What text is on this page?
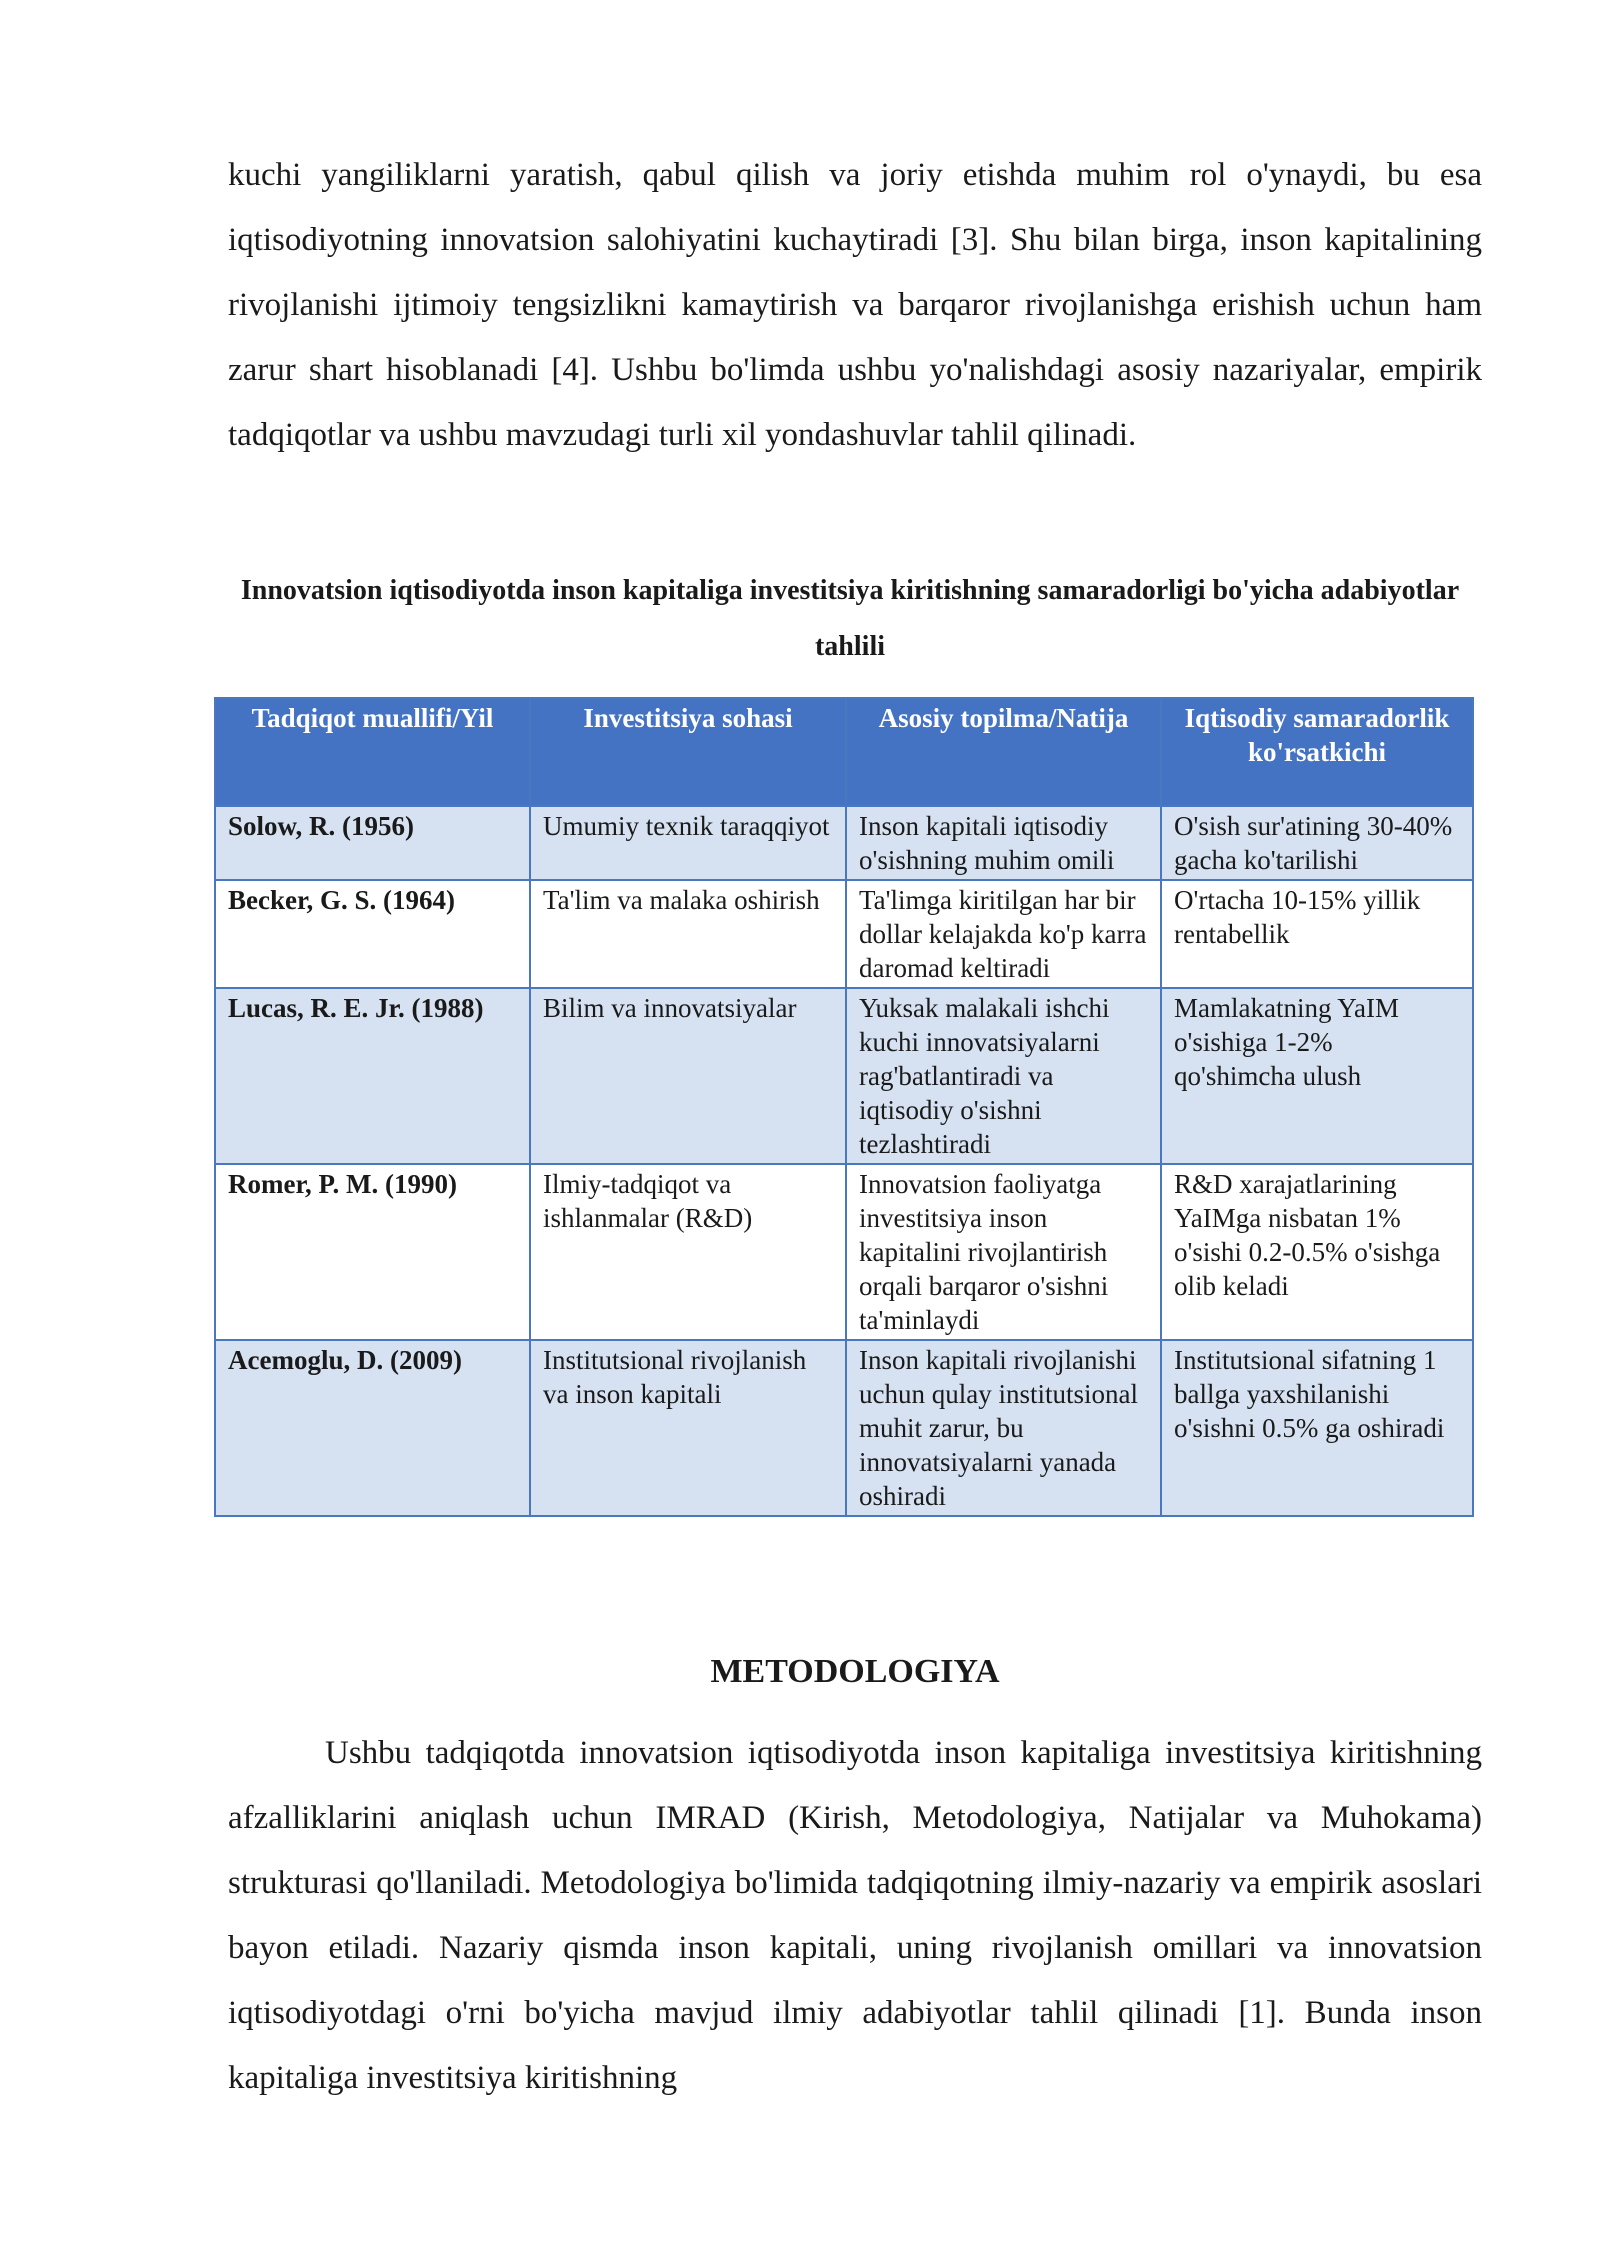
kuchi yangiliklarni yaratish, qabul qilish va joriy etishda muhim rol o'ynaydi, bu esa iqtisodiyotning innovatsion salohiyatini kuchaytiradi [3]. Shu bilan birga, inson kapitalining rivojlanishi ijtimoiy tengsizlikni kamaytirish va barqaror rivojlanishga erishish uchun ham zarur shart hisoblanadi [4]. Ushbu bo'limda ushbu yo'nalishdagi asosiy nazariyalar, empirik tadqiqotlar va ushbu mavzudagi turli xil yondashuvlar tahlil qilinadi.

Innovatsion iqtisodiyotda inson kapitaliga investitsiya kiritishning samaradorligi bo'yicha adabiyotlar tahlili
Tadqiqot muallifi/Yil	Investitsiya sohasi	Asosiy topilma/Natija	Iqtisodiy samaradorlik ko'rsatkichi
Solow, R. (1956)	Umumiy texnik taraqqiyot	Inson kapitali iqtisodiy o'sishning muhim omili	O'sish sur'atining 30-40% gacha ko'tarilishi
Becker, G. S. (1964)	Ta'lim va malaka oshirish	Ta'limga kiritilgan har bir dollar kelajakda ko'p karra daromad keltiradi	O'rtacha 10-15% yillik rentabellik
Lucas, R. E. Jr. (1988)	Bilim va innovatsiyalar	Yuksak malakali ishchi kuchi innovatsiyalarni rag'batlantiradi va iqtisodiy o'sishni tezlashtiradi	Mamlakatning YaIM o'sishiga 1-2% qo'shimcha ulush
Romer, P. M. (1990)	Ilmiy-tadqiqot va ishlanmalar (R&D)	Innovatsion faoliyatga investitsiya inson kapitalini rivojlantirish orqali barqaror o'sishni ta'minlaydi	R&D xarajatlarining YaIMga nisbatan 1% o'sishi 0.2-0.5% o'sishga olib keladi
Acemoglu, D. (2009)	Institutsional rivojlanish va inson kapitali	Inson kapitali rivojlanishi uchun qulay institutsional muhit zarur, bu innovatsiyalarni yanada oshiradi	Institutsional sifatning 1 ballga yaxshilanishi o'sishni 0.5% ga oshiradi
METODOLOGIYA

Ushbu tadqiqotda innovatsion iqtisodiyotda inson kapitaliga investitsiya kiritishning afzalliklarini aniqlash uchun IMRAD (Kirish, Metodologiya, Natijalar va Muhokama) strukturasi qo'llaniladi. Metodologiya bo'limida tadqiqotning ilmiy-nazariy va empirik asoslari bayon etiladi. Nazariy qismda inson kapitali, uning rivojlanish omillari va innovatsion iqtisodiyotdagi o'rni bo'yicha mavjud ilmiy adabiyotlar tahlil qilinadi [1]. Bunda inson kapitaliga investitsiya kiritishning
